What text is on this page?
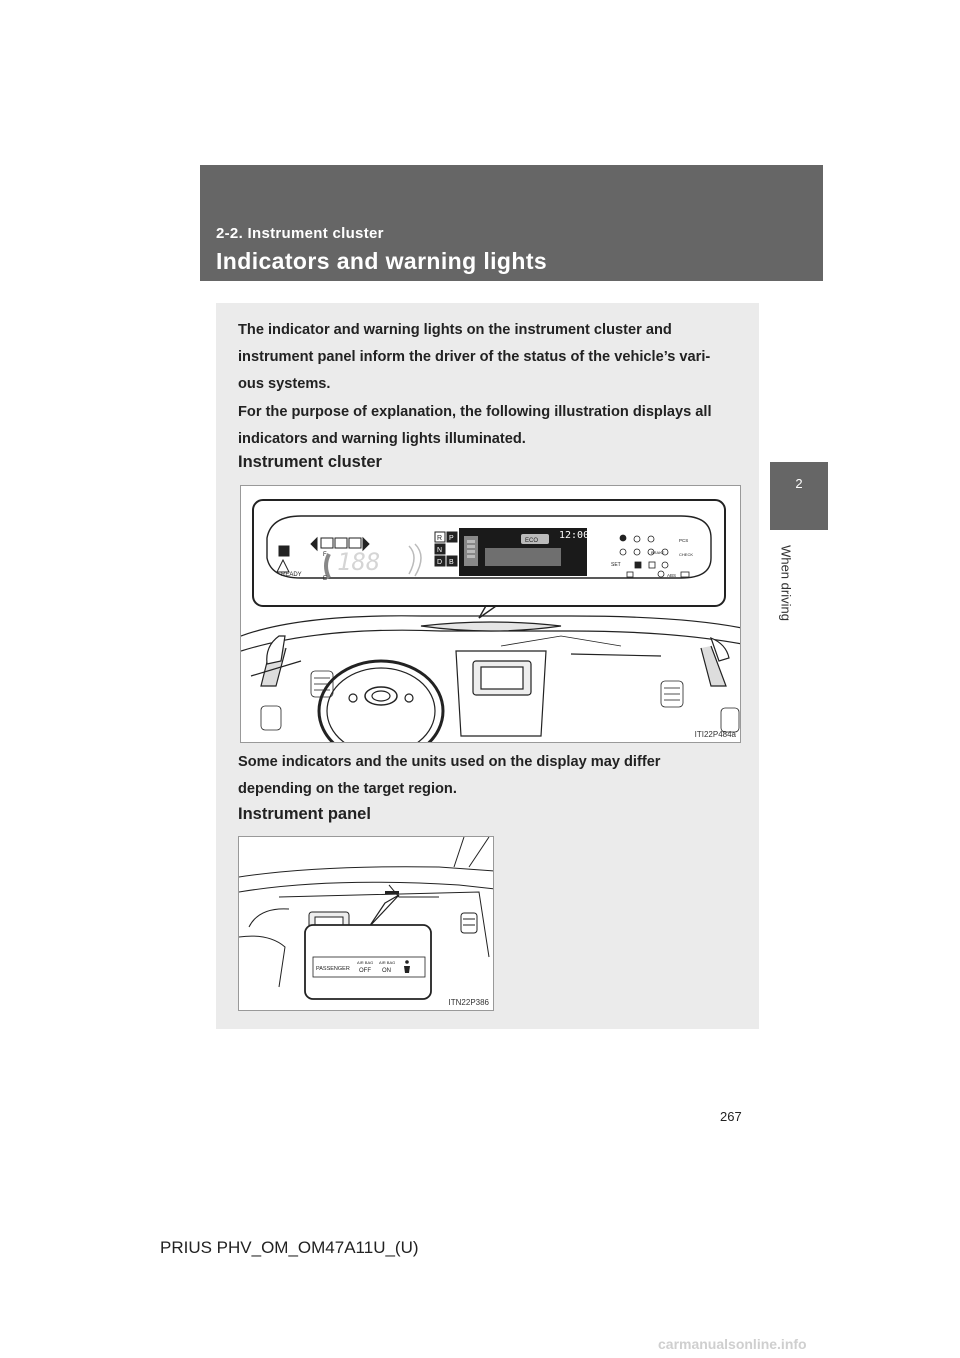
2-2. Instrument cluster
Indicators and warning lights
2
When driving
The indicator and warning lights on the instrument cluster and
instrument panel inform the driver of the status of the vehicle’s vari-
ous systems.
For the purpose of explanation, the following illustration displays all
indicators and warning lights illuminated.
Instrument cluster
READY 188
F
E
R P
N
D B
ECO 12:00	PCS
SET
BRAKE	CHECK
ABS
ITI22P484a
Some indicators and the units used on the display may differ
depending on the target region.
Instrument panel
PASSENGER
AIR BAG
OFF
AIR BAG
ON
ITN22P386
267
PRIUS PHV_OM_OM47A11U_(U)
carmanualsonline.info
